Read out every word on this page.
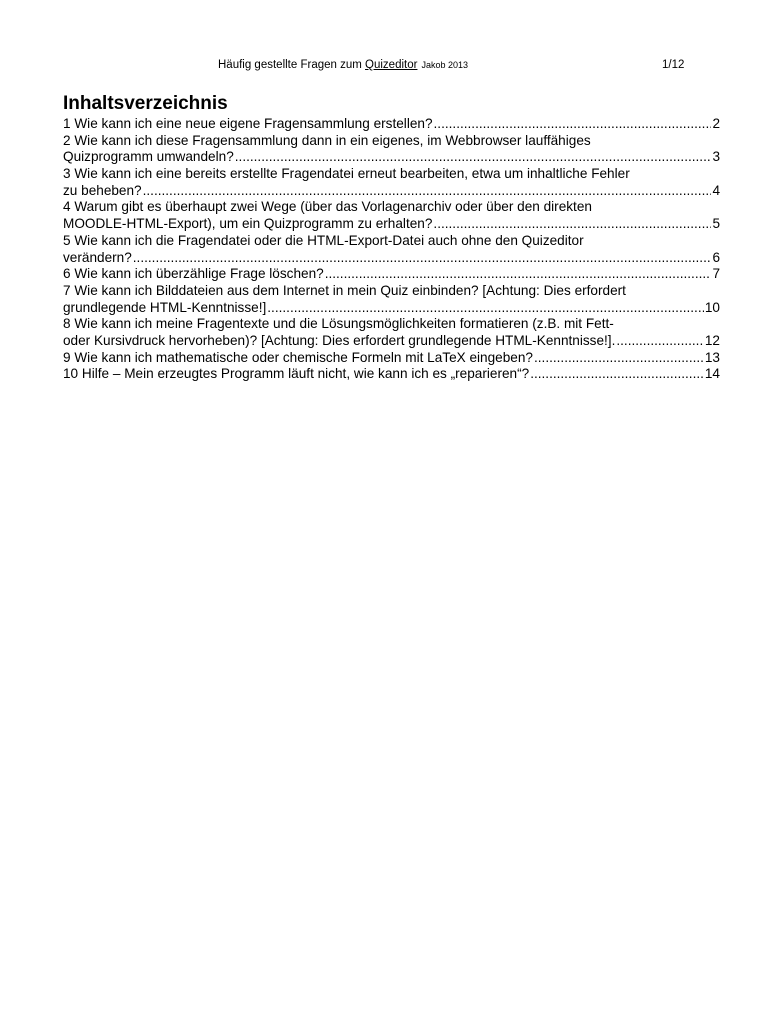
Häufig gestellte Fragen zum Quizeditor Jakob 2013	1/12
Inhaltsverzeichnis
1 Wie kann ich eine neue eigene Fragensammlung erstellen? .....	2
2 Wie kann ich diese Fragensammlung dann in ein eigenes, im Webbrowser lauffähiges
Quizprogramm umwandeln? .....	3
3 Wie kann ich eine bereits erstellte Fragendatei erneut bearbeiten, etwa um inhaltliche Fehler
zu beheben? .....	4
4 Warum gibt es überhaupt zwei Wege (über das Vorlagenarchiv oder über den direkten
MOODLE-HTML-Export), um ein Quizprogramm zu erhalten? .....	5
5 Wie kann ich die Fragendatei oder die HTML-Export-Datei auch ohne den Quizeditor
verändern? .....	6
6 Wie kann ich überzählige Frage löschen? .....	7
7 Wie kann ich Bilddateien aus dem Internet in mein Quiz einbinden? [Achtung: Dies erfordert
grundlegende HTML-Kenntnisse!] .....	10
8 Wie kann ich meine Fragentexte und die Lösungsmöglichkeiten formatieren (z.B. mit Fett-
oder Kursivdruck hervorheben)? [Achtung: Dies erfordert grundlegende HTML-Kenntnisse!]. .....	12
9 Wie kann ich mathematische oder chemische Formeln mit LaTeX eingeben? .....	13
10 Hilfe – Mein erzeugtes Programm läuft nicht, wie kann ich es „reparieren“? .....	14
